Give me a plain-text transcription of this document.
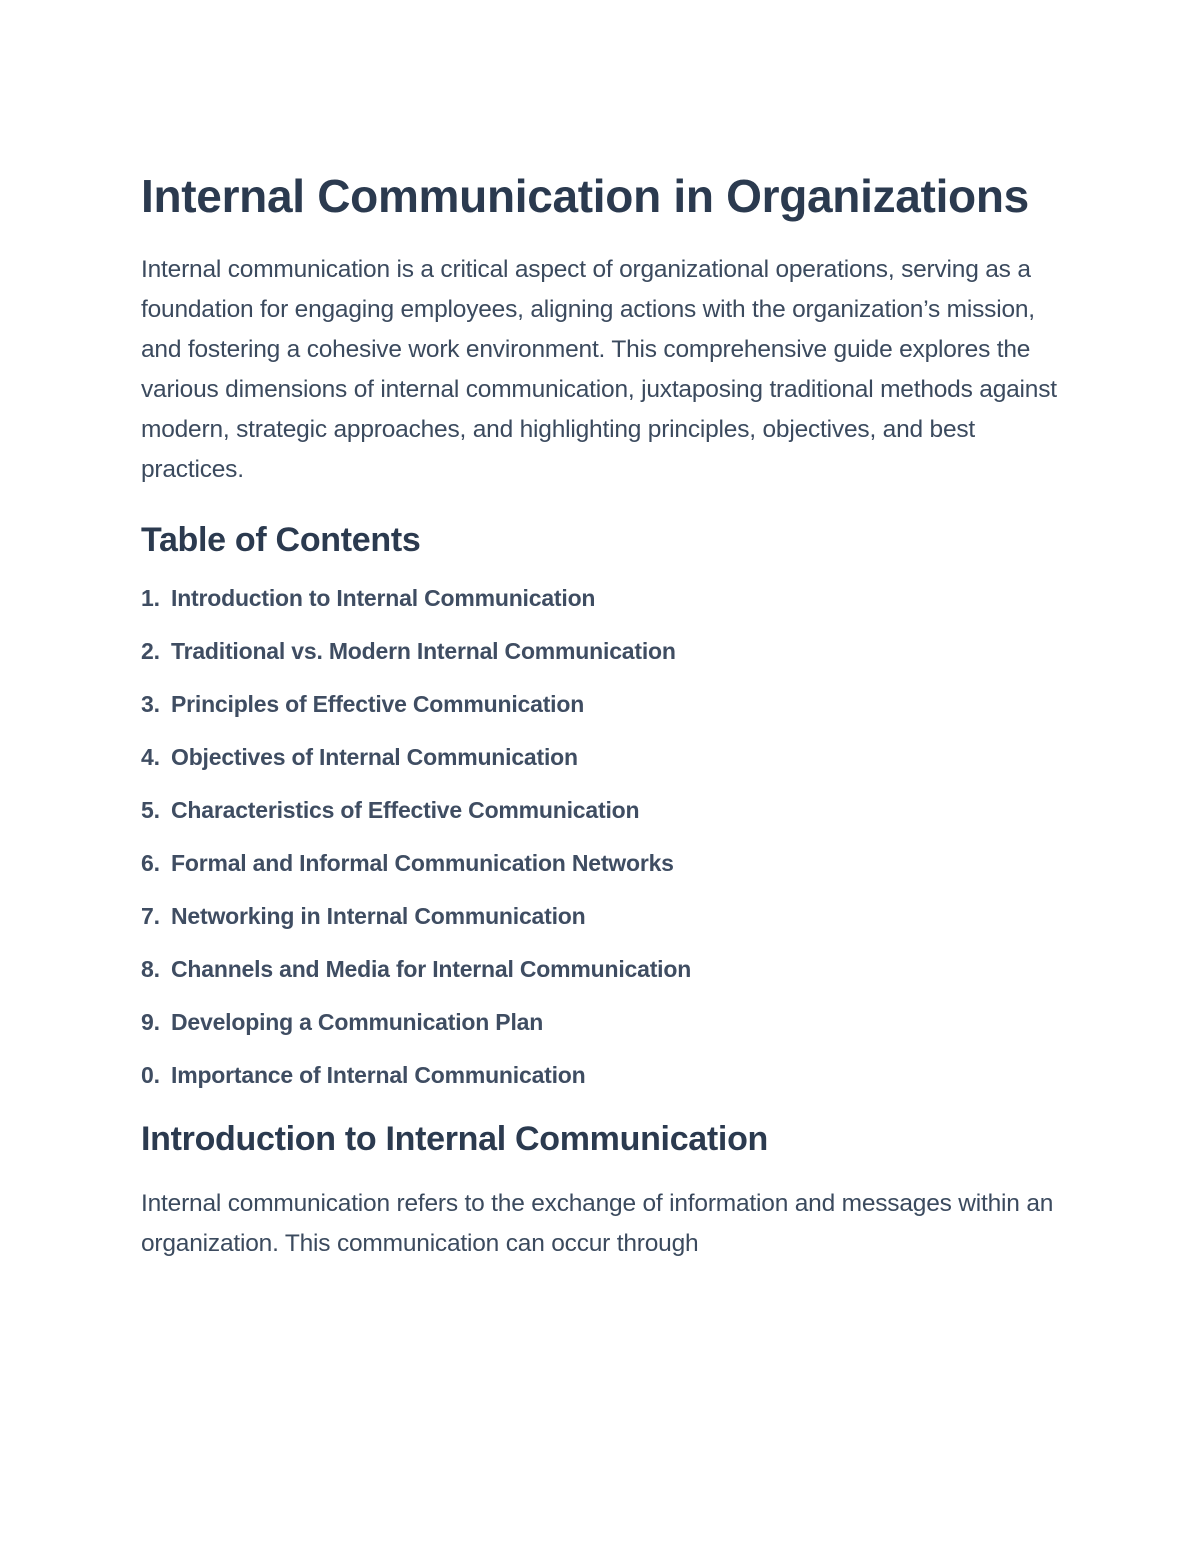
Internal Communication in Organizations

Internal communication is a critical aspect of organizational operations, serving as a foundation for engaging employees, aligning actions with the organization’s mission, and fostering a cohesive work environment. This comprehensive guide explores the various dimensions of internal communication, juxtaposing traditional methods against modern, strategic approaches, and highlighting principles, objectives, and best practices.

Table of Contents
1. Introduction to Internal Communication
2. Traditional vs. Modern Internal Communication
3. Principles of Effective Communication
4. Objectives of Internal Communication
5. Characteristics of Effective Communication
6. Formal and Informal Communication Networks
7. Networking in Internal Communication
8. Channels and Media for Internal Communication
9. Developing a Communication Plan
0. Importance of Internal Communication
Introduction to Internal Communication

Internal communication refers to the exchange of information and messages within an organization. This communication can occur through
